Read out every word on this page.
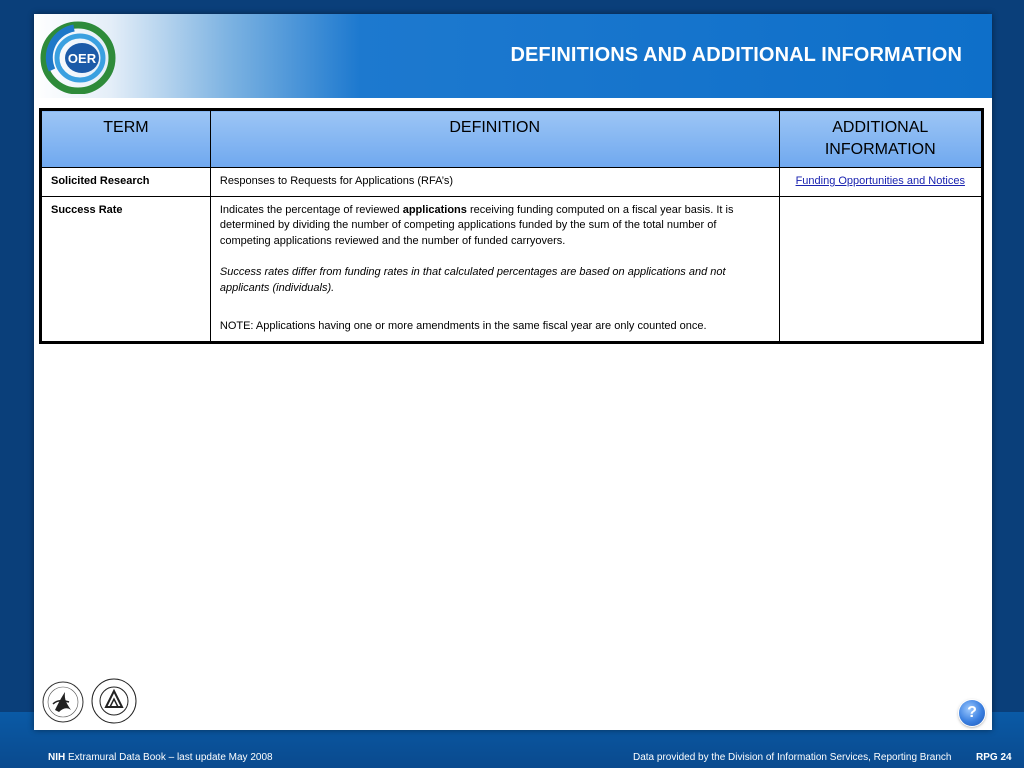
OER	DEFINITIONS AND ADDITIONAL INFORMATION
TERM	DEFINITION	ADDITIONAL INFORMATION
Solicited Research	Responses to Requests for Applications (RFA’s)	Funding Opportunities and Notices

Success Rate	Indicates the percentage of reviewed applications receiving funding computed on a fiscal year basis. It is determined by dividing the number of competing applications funded by the sum of the total number of competing applications reviewed and the number of funded carryovers.
Success rates differ from funding rates in that calculated percentages are based on applications and not applicants (individuals).
NOTE: Applications having one or more amendments in the same fiscal year are only counted once.	

?
NIH Extramural Data Book – last update May 2008	Data provided by the Division of Information Services, Reporting Branch RPG 24
